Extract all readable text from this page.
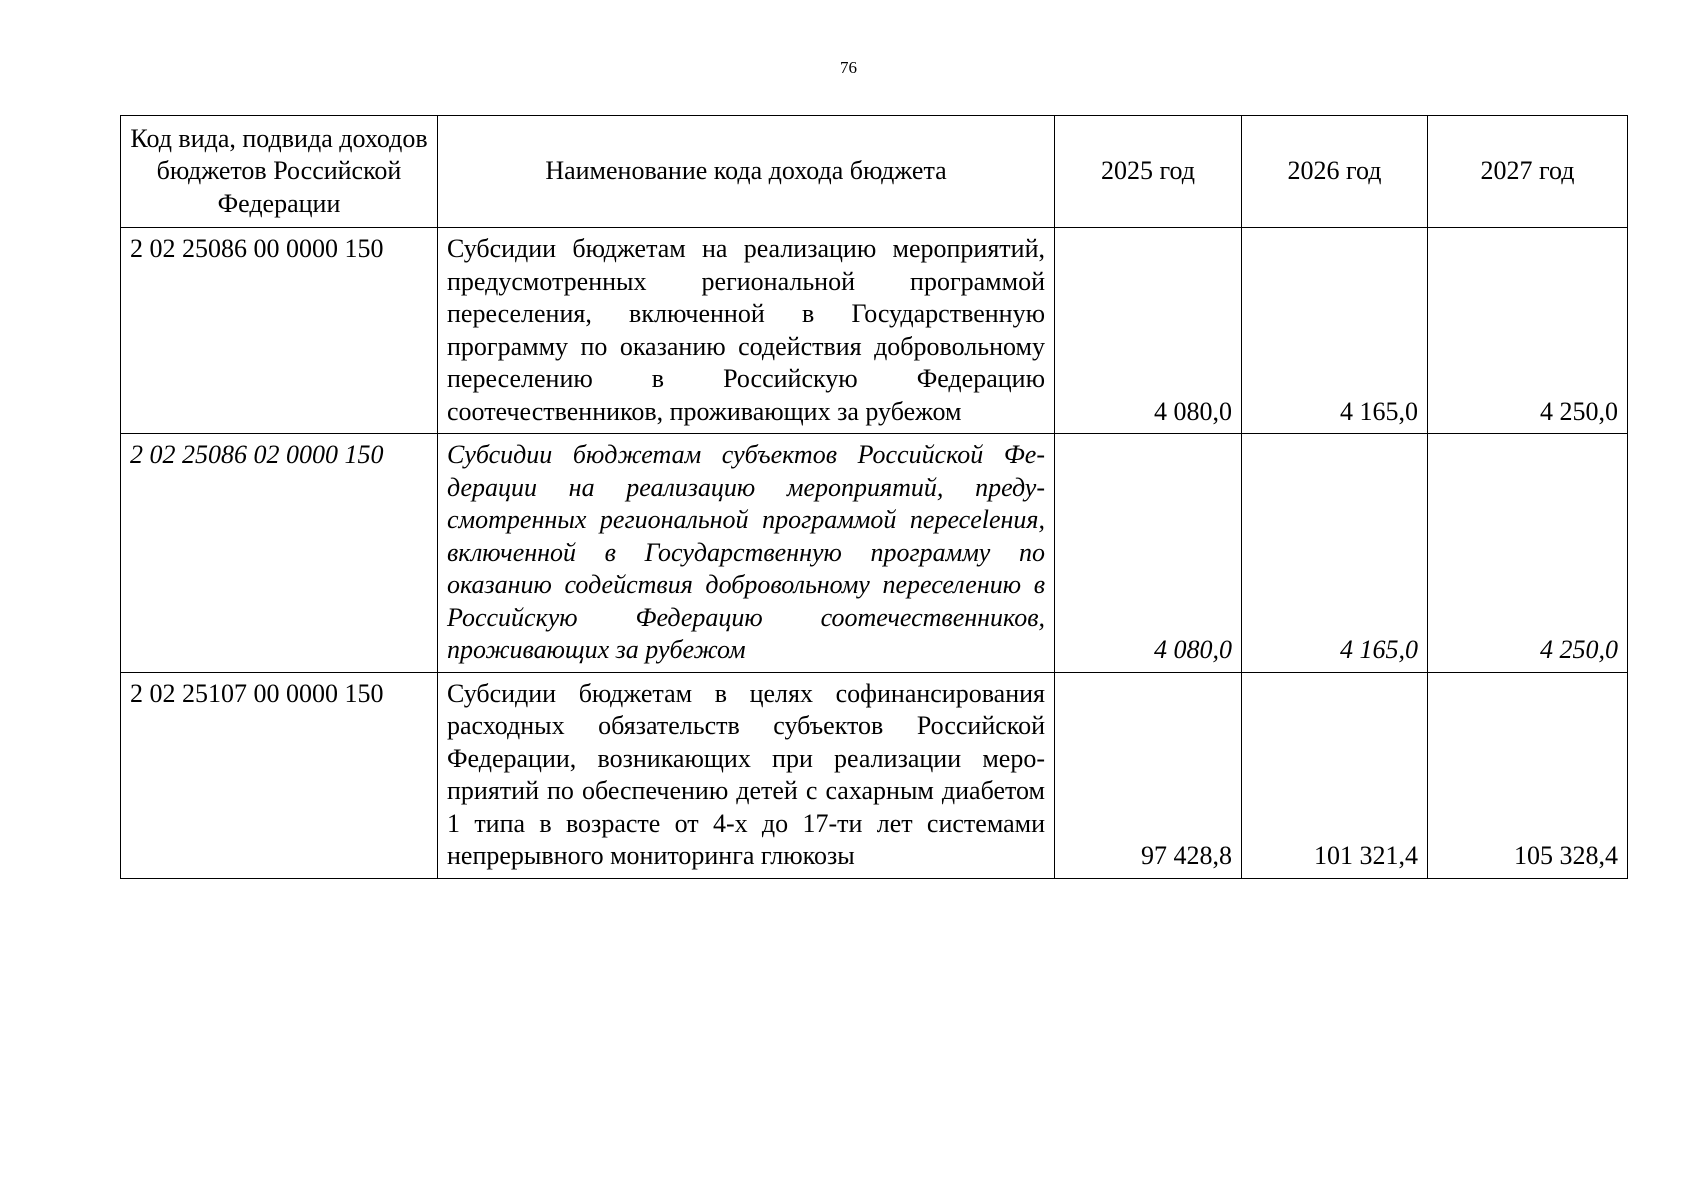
76
Код вида, подвида доходов бюджетов Российской Федерации	Наименование кода дохода бюджета	2025 год	2026 год	2027 год
2 02 25086 00 0000 150	Субсидии бюджетам на реализацию мероприятий, предусмотренных региональной программой переселения, включенной в Государственную программу по оказанию содействия добровольному переселению в Российскую Федерацию соотечественников, проживающих за рубежом	4 080,0	4 165,0	4 250,0
2 02 25086 02 0000 150	Субсидии бюджетам субъектов Российской Федерации на реализацию мероприятий, предусмотренных региональной программой пересeleния, включенной в Государственную программу по оказанию содействия добровольному переселению в Российскую Федерацию соотечественников, проживающих за рубежом	4 080,0	4 165,0	4 250,0
2 02 25107 00 0000 150	Субсидии бюджетам в целях софинансирования расходных обязательств субъектов Российской Федерации, возникающих при реализации мероприятий по обеспечению детей с сахарным диабетом 1 типа в возрасте от 4-х до 17-ти лет системами непрерывного мониторинга глюкозы	97 428,8	101 321,4	105 328,4
